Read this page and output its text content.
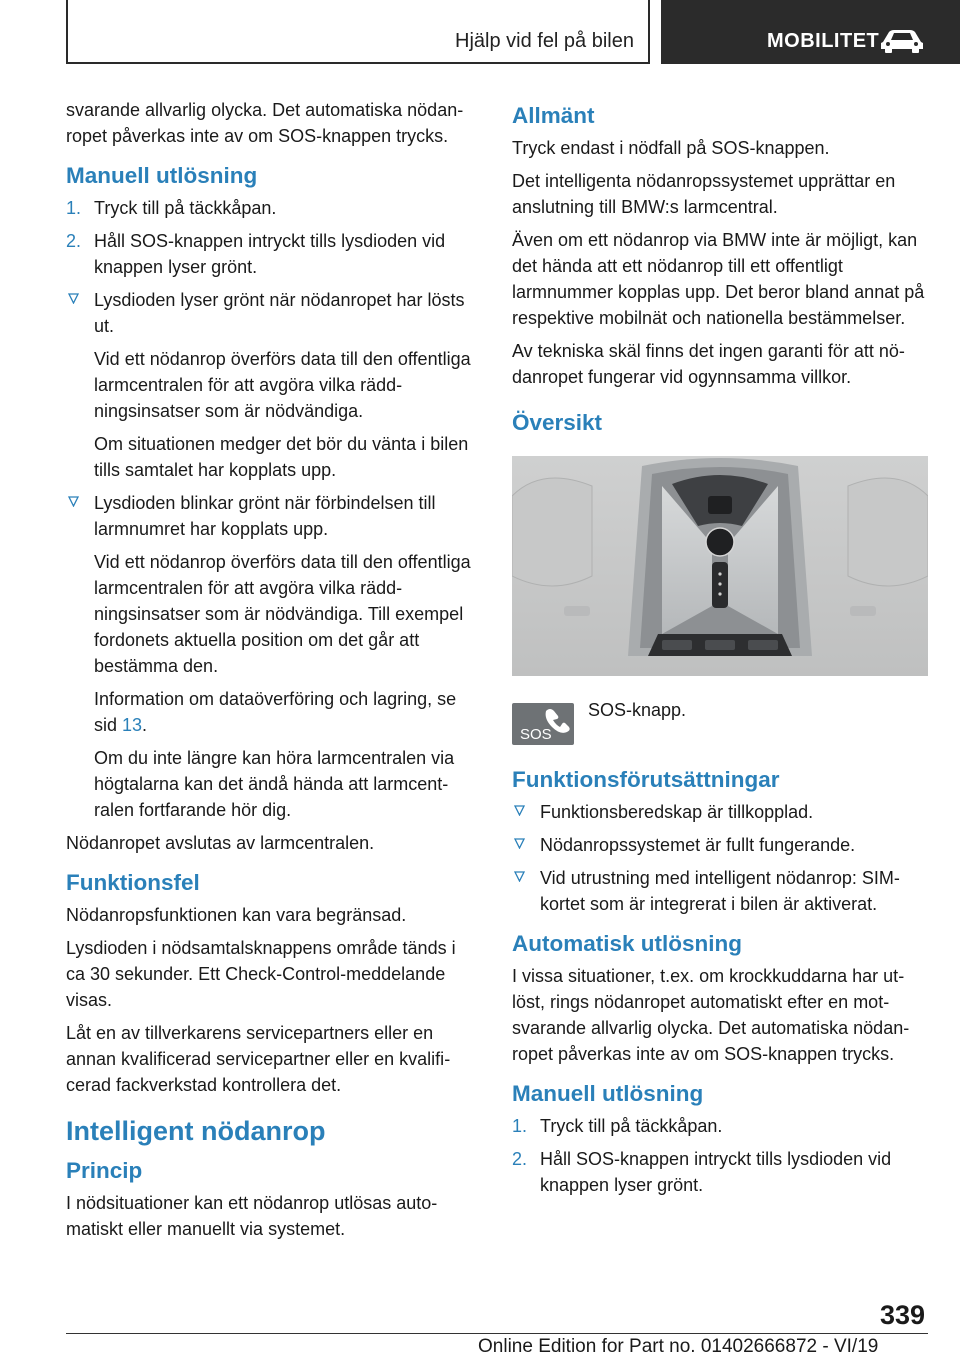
Hjälp vid fel på bilen	MOBILITET

svarande allvarlig olycka. Det automatiska nödanropet påverkas inte av om SOS-knappen trycks.

Manuell utlösning
1. Tryck till på täckkåpan.
2. Håll SOS-knappen intryckt tills lysdioden vid knappen lyser grönt.
Lysdioden lyser grönt när nödanropet har lösts ut.
Vid ett nödanrop överförs data till den offentliga larmcentralen för att avgöra vilka räddningsinsatser som är nödvändiga.
Om situationen medger det bör du vänta i bilen tills samtalet har kopplats upp.
Lysdioden blinkar grönt när förbindelsen till larmnumret har kopplats upp.
Vid ett nödanrop överförs data till den offentliga larmcentralen för att avgöra vilka räddningsinsatser som är nödvändiga. Till exempel fordonets aktuella position om det går att bestämma den.
Information om dataöverföring och lagring, se sid 13.
Om du inte längre kan höra larmcentralen via högtalarna kan det ändå hända att larmcentralen fortfarande hör dig.

Nödanropet avslutas av larmcentralen.

Funktionsfel

Nödanropsfunktionen kan vara begränsad.

Lysdioden i nödsamtalsknappens område tänds i ca 30 sekunder. Ett Check-Control-meddelande visas.

Låt en av tillverkarens servicepartners eller en annan kvalificerad servicepartner eller en kvalificerad fackverkstad kontrollera det.

Intelligent nödanrop
Princip

I nödsituationer kan ett nödanrop utlösas automatiskt eller manuellt via systemet.

Allmänt

Tryck endast i nödfall på SOS-knappen.

Det intelligenta nödanropssystemet upprättar en anslutning till BMW:s larmcentral.

Även om ett nödanrop via BMW inte är möjligt, kan det hända att ett nödanrop till ett offentligt larmnummer kopplas upp. Det beror bland annat på respektive mobilnät och nationella bestämmelser.

Av tekniska skäl finns det ingen garanti för att nödanropet fungerar vid ogynnsamma villkor.

Översikt
SOS
SOS-knapp.
Funktionsförutsättningar
Funktionsberedskap är tillkopplad.
Nödanropssystemet är fullt fungerande.
Vid utrustning med intelligent nödanrop: SIM-kortet som är integrerat i bilen är aktiverat.
Automatisk utlösning

I vissa situationer, t.ex. om krockkuddarna har utlöst, rings nödanropet automatiskt efter en motsvarande allvarlig olycka. Det automatiska nödanropet påverkas inte av om SOS-knappen trycks.

Manuell utlösning
1. Tryck till på täckkåpan.
2. Håll SOS-knappen intryckt tills lysdioden vid knappen lyser grönt.
339
Online Edition for Part no. 01402666872 - VI/19
